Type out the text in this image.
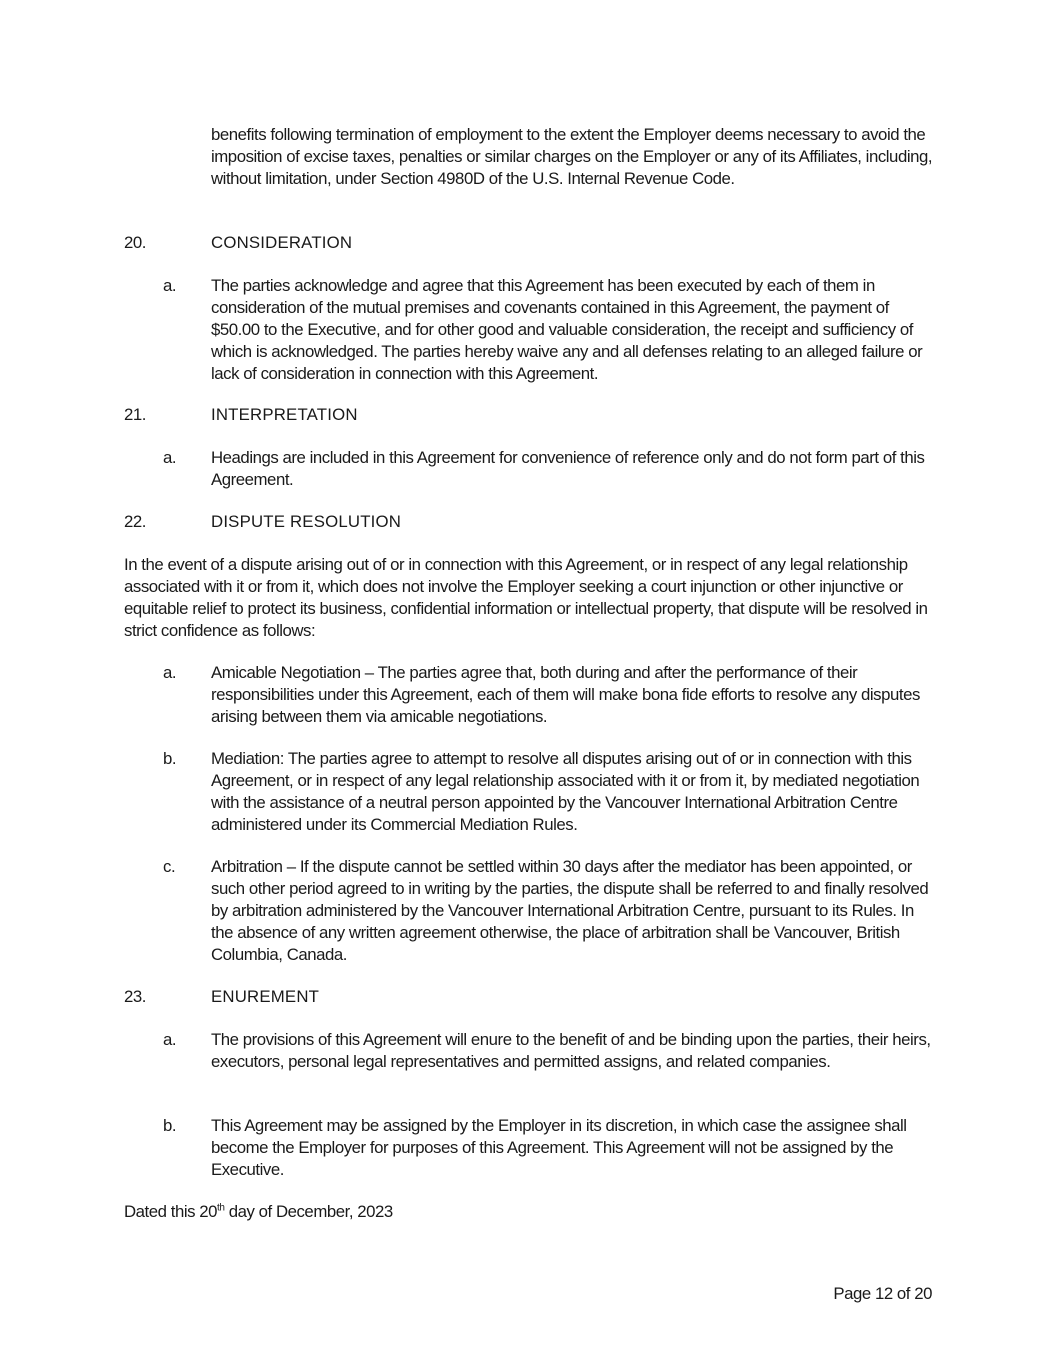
benefits following termination of employment to the extent the Employer deems necessary to avoid the imposition of excise taxes, penalties or similar charges on the Employer or any of its Affiliates, including, without limitation, under Section 4980D of the U.S. Internal Revenue Code.

20.	CONSIDERATION
a. The parties acknowledge and agree that this Agreement has been executed by each of them in consideration of the mutual premises and covenants contained in this Agreement, the payment of $50.00 to the Executive, and for other good and valuable consideration, the receipt and sufficiency of which is acknowledged. The parties hereby waive any and all defenses relating to an alleged failure or lack of consideration in connection with this Agreement.

21.	INTERPRETATION
a. Headings are included in this Agreement for convenience of reference only and do not form part of this Agreement.

22.	DISPUTE RESOLUTION

In the event of a dispute arising out of or in connection with this Agreement, or in respect of any legal relationship associated with it or from it, which does not involve the Employer seeking a court injunction or other injunctive or equitable relief to protect its business, confidential information or intellectual property, that dispute will be resolved in strict confidence as follows:

a. Amicable Negotiation – The parties agree that, both during and after the performance of their responsibilities under this Agreement, each of them will make bona fide efforts to resolve any disputes arising between them via amicable negotiations.

b. Mediation: The parties agree to attempt to resolve all disputes arising out of or in connection with this Agreement, or in respect of any legal relationship associated with it or from it, by mediated negotiation with the assistance of a neutral person appointed by the Vancouver International Arbitration Centre administered under its Commercial Mediation Rules.

c. Arbitration – If the dispute cannot be settled within 30 days after the mediator has been appointed, or such other period agreed to in writing by the parties, the dispute shall be referred to and finally resolved by arbitration administered by the Vancouver International Arbitration Centre, pursuant to its Rules. In the absence of any written agreement otherwise, the place of arbitration shall be Vancouver, British Columbia, Canada.

23.	ENUREMENT
a. The provisions of this Agreement will enure to the benefit of and be binding upon the parties, their heirs, executors, personal legal representatives and permitted assigns, and related companies.

b. This Agreement may be assigned by the Employer in its discretion, in which case the assignee shall become the Employer for purposes of this Agreement. This Agreement will not be assigned by the Executive.

Dated this 20th day of December, 2023

Page 12 of 20
